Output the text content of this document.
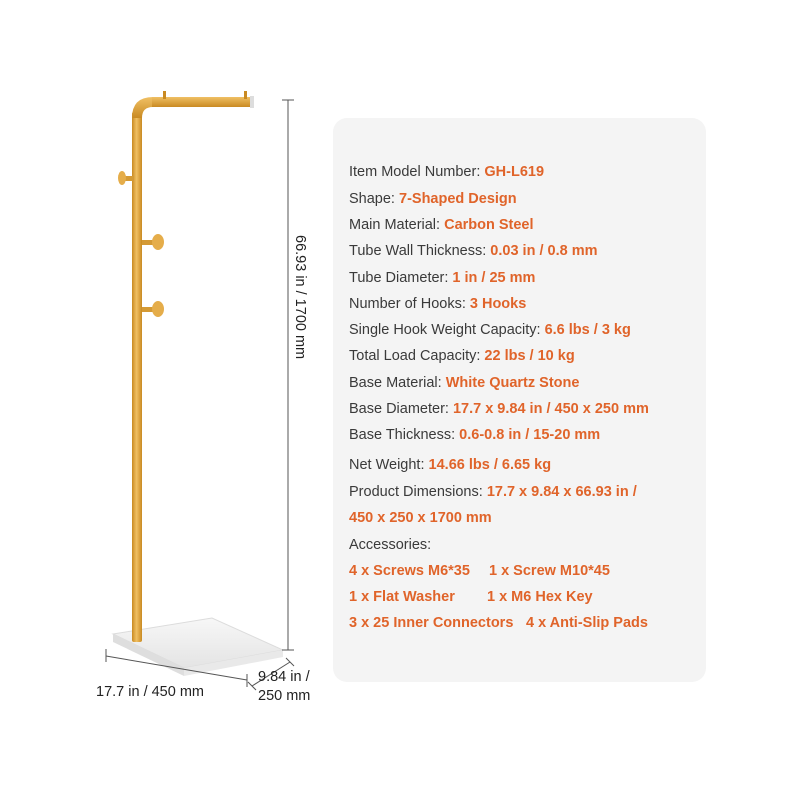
66.93 in / 1700 mm
17.7 in / 450 mm
9.84 in /
250 mm
Item Model Number: GH-L619
Shape: 7-Shaped Design
Main Material: Carbon Steel
Tube Wall Thickness: 0.03 in / 0.8 mm
Tube Diameter: 1 in / 25 mm
Number of Hooks: 3 Hooks
Single Hook Weight Capacity: 6.6 lbs / 3 kg
Total Load Capacity: 22 lbs / 10 kg
Base Material: White Quartz Stone
Base Diameter: 17.7 x 9.84 in / 450 x 250 mm
Base Thickness: 0.6-0.8 in / 15-20 mm
Net Weight: 14.66 lbs / 6.65 kg
Product Dimensions: 17.7 x 9.84 x 66.93 in /
450 x 250 x 1700 mm
Accessories:
4 x Screws M6*35 1 x Screw M10*45
1 x Flat Washer 1 x M6 Hex Key
3 x 25 Inner Connectors 4 x Anti-Slip Pads
